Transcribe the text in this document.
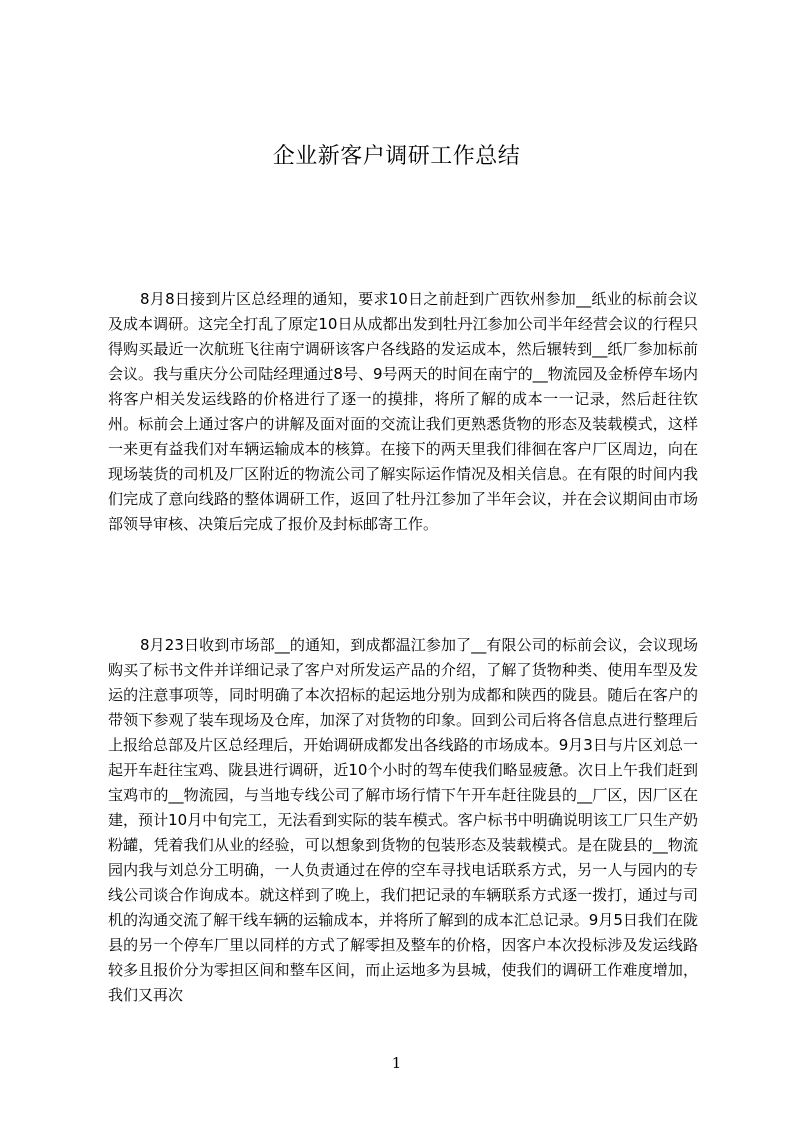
企业新客户调研工作总结

8月8日接到片区总经理的通知，要求10日之前赶到广西钦州参加__纸业的标前会议及成本调研。这完全打乱了原定10日从成都出发到牡丹江参加公司半年经营会议的行程只得购买最近一次航班飞往南宁调研该客户各线路的发运成本，然后辗转到__纸厂参加标前会议。我与重庆分公司陆经理通过8号、9号两天的时间在南宁的__物流园及金桥停车场内将客户相关发运线路的价格进行了逐一的摸排，将所了解的成本一一记录，然后赶往钦州。标前会上通过客户的讲解及面对面的交流让我们更熟悉货物的形态及装载模式，这样一来更有益我们对车辆运输成本的核算。在接下的两天里我们徘徊在客户厂区周边，向在现场装货的司机及厂区附近的物流公司了解实际运作情况及相关信息。在有限的时间内我们完成了意向线路的整体调研工作，返回了牡丹江参加了半年会议，并在会议期间由市场部领导审核、决策后完成了报价及封标邮寄工作。

8月23日收到市场部__的通知，到成都温江参加了__有限公司的标前会议，会议现场购买了标书文件并详细记录了客户对所发运产品的介绍，了解了货物种类、使用车型及发运的注意事项等，同时明确了本次招标的起运地分别为成都和陕西的陇县。随后在客户的带领下参观了装车现场及仓库，加深了对货物的印象。回到公司后将各信息点进行整理后上报给总部及片区总经理后，开始调研成都发出各线路的市场成本。9月3日与片区刘总一起开车赶往宝鸡、陇县进行调研，近10个小时的驾车使我们略显疲惫。次日上午我们赶到宝鸡市的__物流园，与当地专线公司了解市场行情下午开车赶往陇县的__厂区，因厂区在建，预计10月中旬完工，无法看到实际的装车模式。客户标书中明确说明该工厂只生产奶粉罐，凭着我们从业的经验，可以想象到货物的包装形态及装载模式。是在陇县的__物流园内我与刘总分工明确，一人负责通过在停的空车寻找电话联系方式，另一人与园内的专线公司谈合作询成本。就这样到了晚上，我们把记录的车辆联系方式逐一拨打，通过与司机的沟通交流了解干线车辆的运输成本，并将所了解到的成本汇总记录。9月5日我们在陇县的另一个停车厂里以同样的方式了解零担及整车的价格，因客户本次投标涉及发运线路较多且报价分为零担区间和整车区间，而止运地多为县城，使我们的调研工作难度增加，我们又再次

1
